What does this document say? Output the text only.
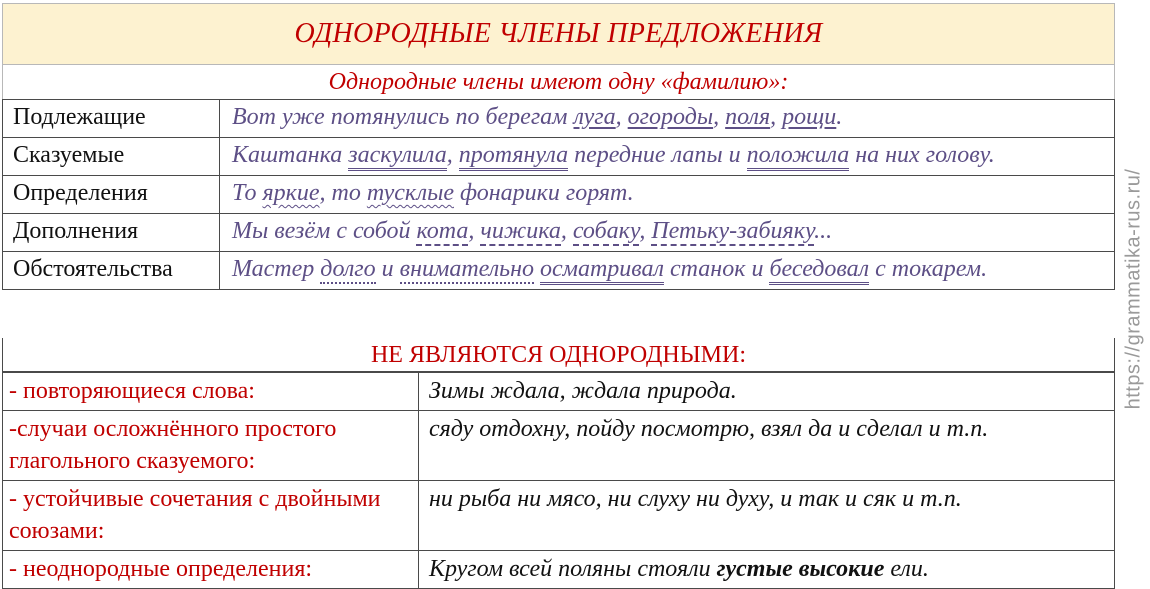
ОДНОРОДНЫЕ ЧЛЕНЫ ПРЕДЛОЖЕНИЯ
Однородные члены имеют одну «фамилию»:
Подлежащие	Вот уже потянулись по берегам луга, огороды, поля, рощи.
Сказуемые	Каштанка заскулила, протянула передние лапы и положила на них голову.
Определения	То яркие, то тусклые фонарики горят.
Дополнения	Мы везём с собой кота, чижика, собаку, Петьку-забияку...
Обстоятельства	Мастер долго и внимательно осматривал станок и беседовал с токарем.
НЕ ЯВЛЯЮТСЯ ОДНОРОДНЫМИ:
- повторяющиеся слова:	Зимы ждала, ждала природа.
-случаи осложнённого простого глагольного сказуемого:	сяду отдохну, пойду посмотрю, взял да и сделал и т.п.
- устойчивые сочетания с двойными союзами:	ни рыба ни мясо, ни слуху ни духу, и так и сяк и т.п.
- неоднородные определения:	Кругом всей поляны стояли густые высокие ели.
https://grammatika-rus.ru/
